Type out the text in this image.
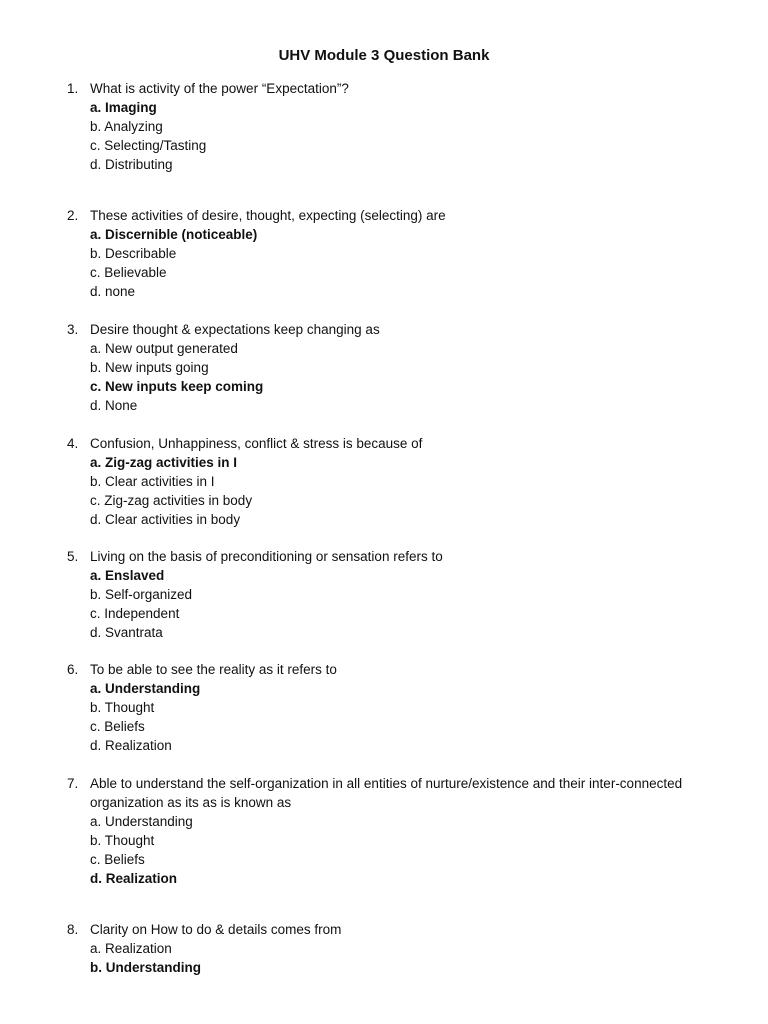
UHV Module 3 Question Bank
1. What is activity of the power “Expectation”?
a. Imaging
b. Analyzing
c. Selecting/Tasting
d. Distributing
2. These activities of desire, thought, expecting (selecting) are
a. Discernible (noticeable)
b. Describable
c. Believable
d. none
3. Desire thought & expectations keep changing as
a. New output generated
b. New inputs going
c. New inputs keep coming
d. None
4. Confusion, Unhappiness, conflict & stress is because of
a. Zig-zag activities in I
b. Clear activities in I
c. Zig-zag activities in body
d. Clear activities in body
5. Living on the basis of preconditioning or sensation refers to
a. Enslaved
b. Self-organized
c. Independent
d. Svantrata
6. To be able to see the reality as it refers to
a. Understanding
b. Thought
c. Beliefs
d. Realization
7. Able to understand the self-organization in all entities of nurture/existence and their inter-connected organization as its as is known as
a. Understanding
b. Thought
c. Beliefs
d. Realization
8. Clarity on How to do & details comes from
a. Realization
b. Understanding
